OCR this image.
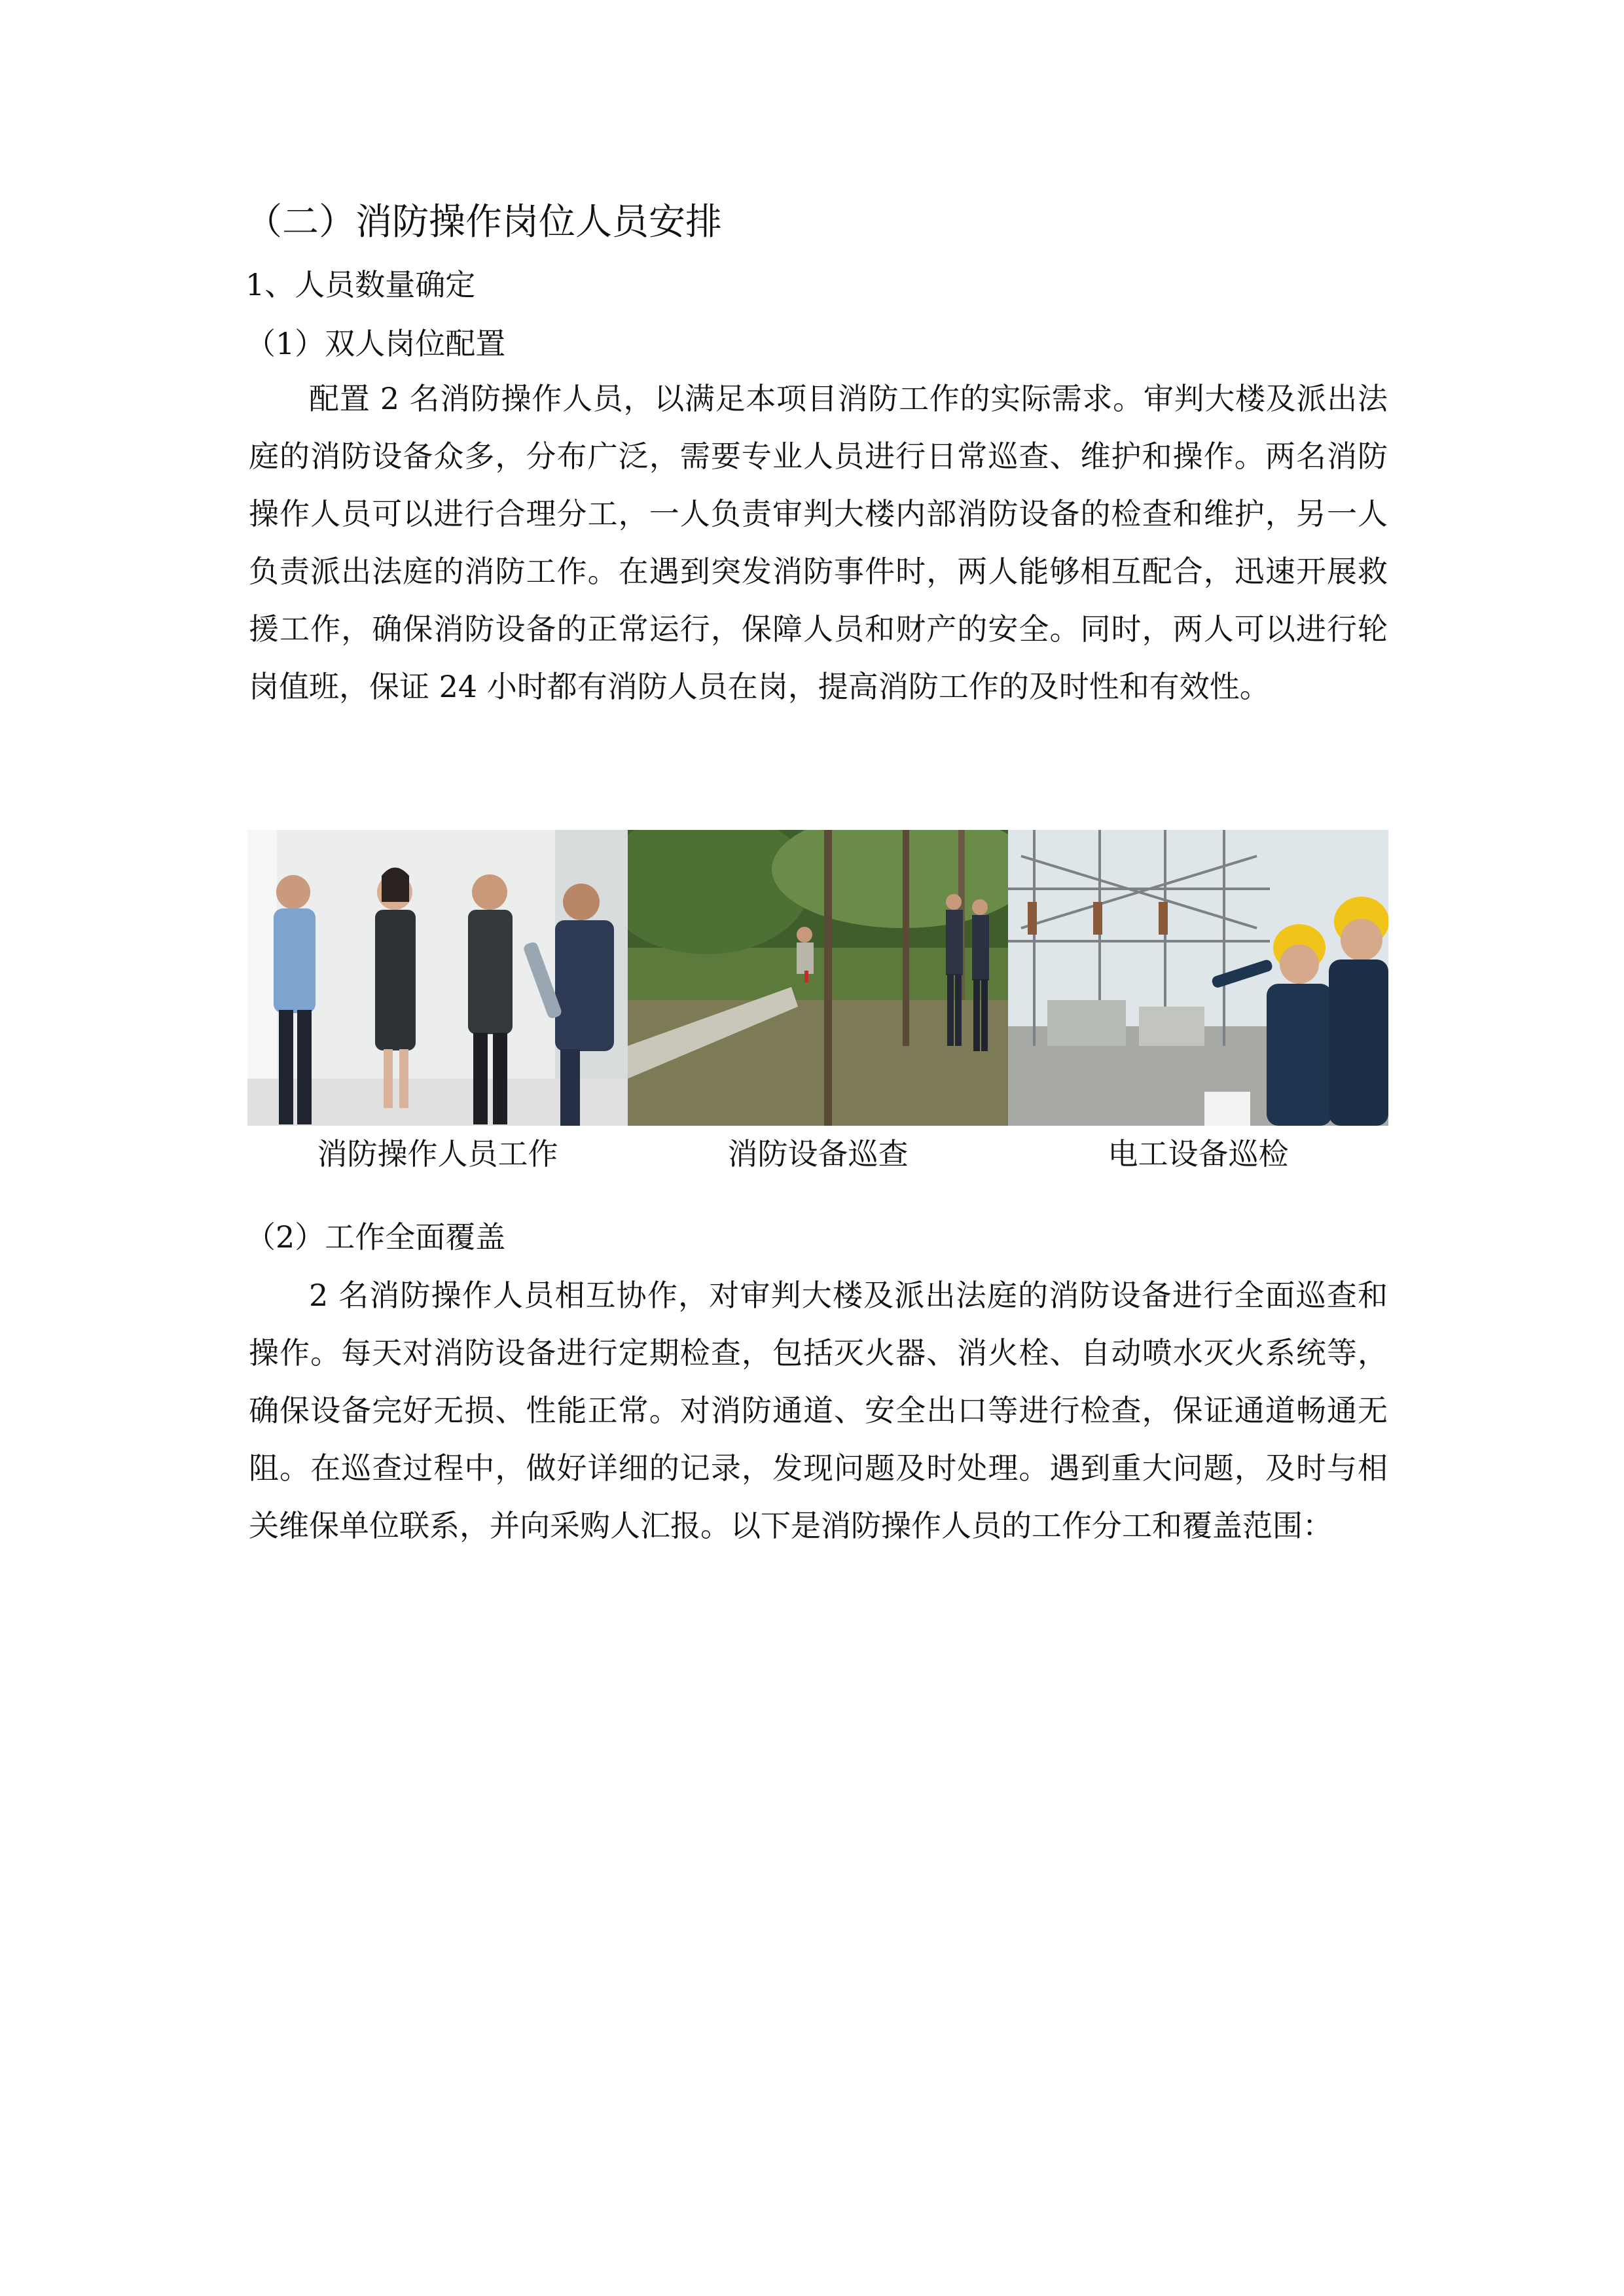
（二）消防操作岗位人员安排
1、人员数量确定
（1）双人岗位配置

配置 2 名消防操作人员，以满足本项目消防工作的实际需求。审判大楼及派出法庭的消防设备众多，分布广泛，需要专业人员进行日常巡查、维护和操作。两名消防操作人员可以进行合理分工，一人负责审判大楼内部消防设备的检查和维护，另一人负责派出法庭的消防工作。在遇到突发消防事件时，两人能够相互配合，迅速开展救援工作，确保消防设备的正常运行，保障人员和财产的安全。同时，两人可以进行轮岗值班，保证 24 小时都有消防人员在岗，提高消防工作的及时性和有效性。

消防操作人员工作	消防设备巡查	电工设备巡检
（2）工作全面覆盖

2 名消防操作人员相互协作，对审判大楼及派出法庭的消防设备进行全面巡查和操作。每天对消防设备进行定期检查，包括灭火器、消火栓、自动喷水灭火系统等，确保设备完好无损、性能正常。对消防通道、安全出口等进行检查，保证通道畅通无阻。在巡查过程中，做好详细的记录，发现问题及时处理。遇到重大问题，及时与相关维保单位联系，并向采购人汇报。以下是消防操作人员的工作分工和覆盖范围：
